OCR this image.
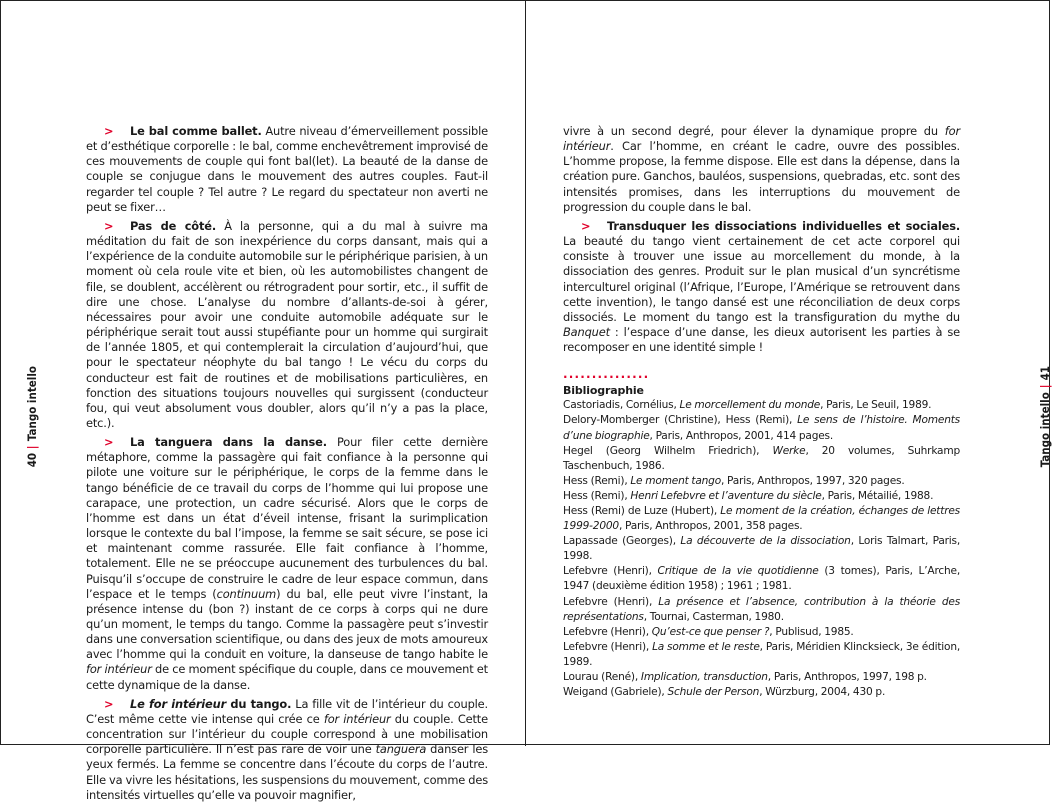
40|Tango intello

> Le bal comme ballet. Autre niveau d’émerveillement possible et d’esthétique corporelle : le bal, comme enchevêtrement improvisé de ces mouvements de couple qui font bal(let). La beauté de la danse de couple se conjugue dans le mouvement des autres couples. Faut-il regarder tel couple ? Tel autre ? Le regard du spectateur non averti ne peut se fixer…

> Pas de côté. À la personne, qui a du mal à suivre ma méditation du fait de son inexpérience du corps dansant, mais qui a l’expérience de la conduite automobile sur le périphérique parisien, à un moment où cela roule vite et bien, où les automobilistes changent de file, se doublent, accélèrent ou rétrogradent pour sortir, etc., il suffit de dire une chose. L’analyse du nombre d’allants-de-soi à gérer, nécessaires pour avoir une conduite automobile adéquate sur le périphérique serait tout aussi stupéfiante pour un homme qui surgirait de l’année 1805, et qui contemplerait la circulation d’aujourd’hui, que pour le spectateur néophyte du bal tango ! Le vécu du corps du conducteur est fait de routines et de mobilisations particulières, en fonction des situations toujours nouvelles qui surgissent (conducteur fou, qui veut absolument vous doubler, alors qu’il n’y a pas la place, etc.).

> La tanguera dans la danse. Pour filer cette dernière métaphore, comme la passagère qui fait confiance à la personne qui pilote une voiture sur le périphérique, le corps de la femme dans le tango bénéficie de ce travail du corps de l’homme qui lui propose une carapace, une protection, un cadre sécurisé. Alors que le corps de l’homme est dans un état d’éveil intense, frisant la surimplication lorsque le contexte du bal l’impose, la femme se sait sécure, se pose ici et maintenant comme rassurée. Elle fait confiance à l’homme, totalement. Elle ne se préoccupe aucunement des turbulences du bal. Puisqu’il s’occupe de construire le cadre de leur espace commun, dans l’espace et le temps (continuum) du bal, elle peut vivre l’instant, la présence intense du (bon ?) instant de ce corps à corps qui ne dure qu’un moment, le temps du tango. Comme la passagère peut s’investir dans une conversation scientifique, ou dans des jeux de mots amoureux avec l’homme qui la conduit en voiture, la danseuse de tango habite le for intérieur de ce moment spécifique du couple, dans ce mouvement et cette dynamique de la danse.

> Le for intérieur du tango. La fille vit de l’intérieur du couple. C’est même cette vie intense qui crée ce for intérieur du couple. Cette concentration sur l’intérieur du couple correspond à une mobilisation corporelle particulière. Il n’est pas rare de voir une tanguera danser les yeux fermés. La femme se concentre dans l’écoute du corps de l’autre. Elle va vivre les hésitations, les suspensions du mouvement, comme des intensités virtuelles qu’elle va pouvoir magnifier,

vivre à un second degré, pour élever la dynamique propre du for intérieur. Car l’homme, en créant le cadre, ouvre des possibles. L’homme propose, la femme dispose. Elle est dans la dépense, dans la création pure. Ganchos, bauléos, suspensions, quebradas, etc. sont des intensités promises, dans les interruptions du mouvement de progression du couple dans le bal.

> Transduquer les dissociations individuelles et sociales. La beauté du tango vient certainement de cet acte corporel qui consiste à trouver une issue au morcellement du monde, à la dissociation des genres. Produit sur le plan musical d’un syncrétisme interculturel original (l’Afrique, l’Europe, l’Amérique se retrouvent dans cette invention), le tango dansé est une réconciliation de deux corps dissociés. Le moment du tango est la transfiguration du mythe du Banquet : l’espace d’une danse, les dieux autorisent les parties à se recomposer en une identité simple !

...............
Bibliographie
Castoriadis, Cornélius, Le morcellement du monde, Paris, Le Seuil, 1989.
Delory-Momberger (Christine), Hess (Remi), Le sens de l’histoire. Moments d’une biographie, Paris, Anthropos, 2001, 414 pages.
Hegel (Georg Wilhelm Friedrich), Werke, 20 volumes, Suhrkamp Taschenbuch, 1986.
Hess (Remi), Le moment tango, Paris, Anthropos, 1997, 320 pages.
Hess (Remi), Henri Lefebvre et l’aventure du siècle, Paris, Métailié, 1988.
Hess (Remi) de Luze (Hubert), Le moment de la création, échanges de lettres 1999-2000, Paris, Anthropos, 2001, 358 pages.
Lapassade (Georges), La découverte de la dissociation, Loris Talmart, Paris, 1998.
Lefebvre (Henri), Critique de la vie quotidienne (3 tomes), Paris, L’Arche, 1947 (deuxième édition 1958) ; 1961 ; 1981.
Lefebvre (Henri), La présence et l’absence, contribution à la théorie des représentations, Tournai, Casterman, 1980.
Lefebvre (Henri), Qu’est-ce que penser ?, Publisud, 1985.
Lefebvre (Henri), La somme et le reste, Paris, Méridien Klincksieck, 3e édition, 1989.
Lourau (René), Implication, transduction, Paris, Anthropos, 1997, 198 p.
Weigand (Gabriele), Schule der Person, Würzburg, 2004, 430 p.
Tango intello|41
